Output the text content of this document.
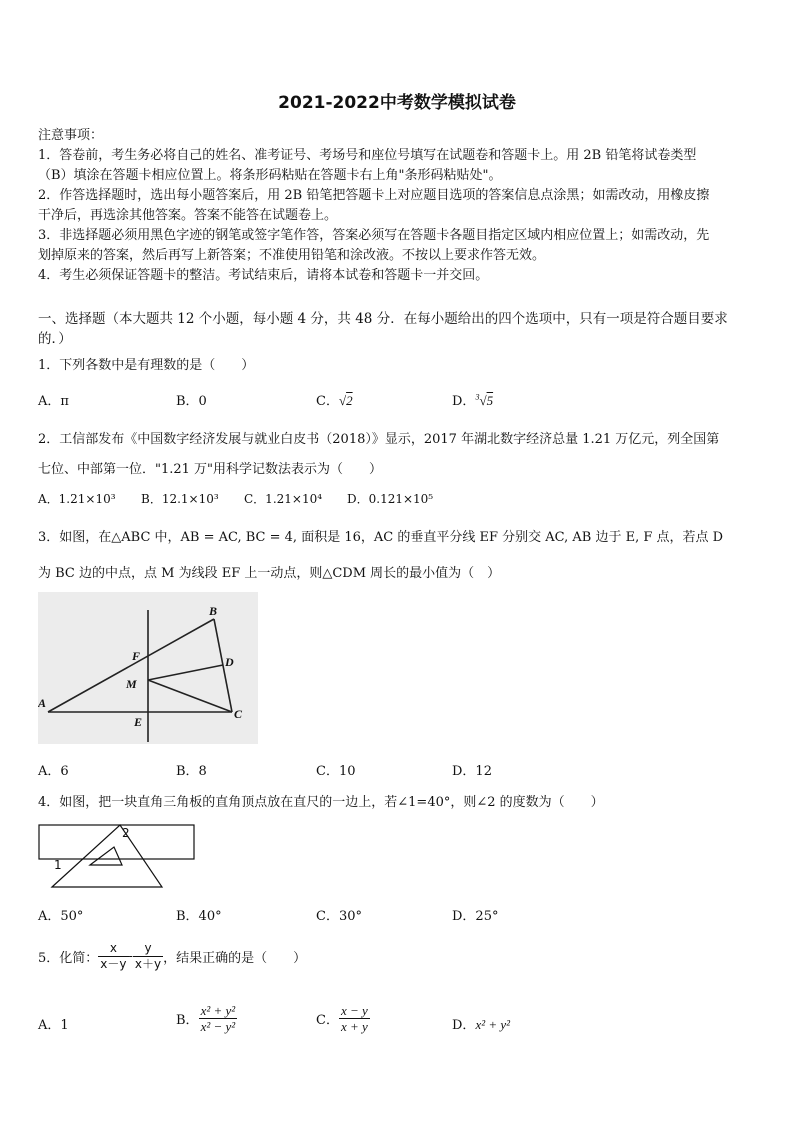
2021-2022中考数学模拟试卷
注意事项：
1．答卷前，考生务必将自己的姓名、准考证号、考场号和座位号填写在试题卷和答题卡上。用 2B 铅笔将试卷类型
（B）填涂在答题卡相应位置上。将条形码粘贴在答题卡右上角"条形码粘贴处"。
2．作答选择题时，选出每小题答案后，用 2B 铅笔把答题卡上对应题目选项的答案信息点涂黑；如需改动，用橡皮擦
干净后，再选涂其他答案。答案不能答在试题卷上。
3．非选择题必须用黑色字迹的钢笔或签字笔作答，答案必须写在答题卡各题目指定区域内相应位置上；如需改动，先
划掉原来的答案，然后再写上新答案；不准使用铅笔和涂改液。不按以上要求作答无效。
4．考生必须保证答题卡的整洁。考试结束后，请将本试卷和答题卡一并交回。
一、选择题（本大题共 12 个小题，每小题 4 分，共 48 分．在每小题给出的四个选项中，只有一项是符合题目要求
的．）
1．下列各数中是有理数的是（　　）
A．π	B．0	C．√2	D．$^3$√5
2．工信部发布《中国数字经济发展与就业白皮书（2018）》显示，2017 年湖北数字经济总量 1.21 万亿元，列全国第
七位、中部第一位．"1.21 万"用科学记数法表示为（　　）
A．1.21×10³ B．12.1×10³ C．1.21×10⁴ D．0.121×10⁵
3．如图，在△ABC 中，AB = AC, BC = 4, 面积是 16，AC 的垂直平分线 EF 分别交 AC, AB 边于 E, F 点，若点 D
为 BC 边的中点，点 M 为线段 EF 上一动点，则△CDM 周长的最小值为（　）
B
F	D
M
A
E
C
A．6	B．8	C．10	D．12
4．如图，把一块直角三角板的直角顶点放在直尺的一边上，若∠1=40°，则∠2 的度数为（　　）
1
2
A．50°	B．40°	C．30°	D．25°
5．化简： $\frac{x}{x-y} - \frac{y}{x+y}$ ，结果正确的是（　　）
A．1	B． $\frac{\text{x² + y²}}{\text{x² − y²}}$	C． $\frac{x - y}{x + y}$	D．x² + y²
